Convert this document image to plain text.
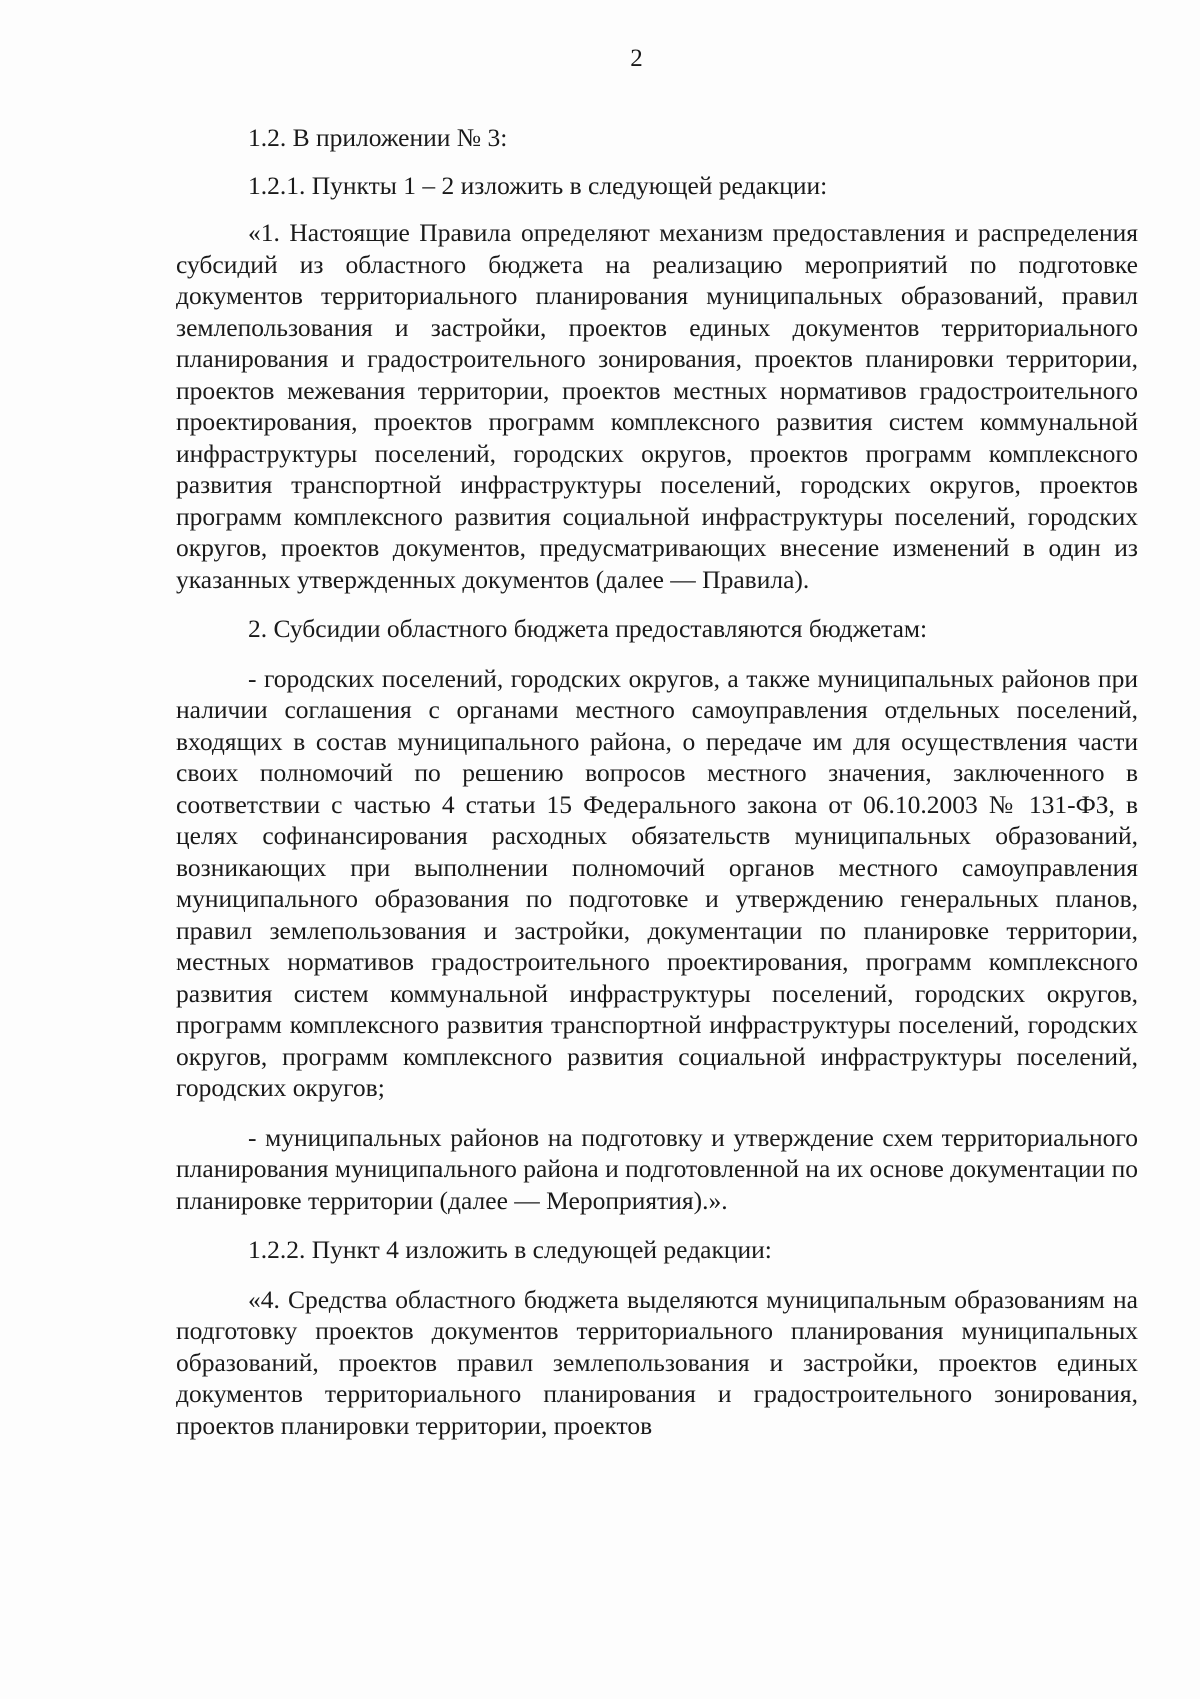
2

1.2. В приложении № 3:

1.2.1. Пункты 1 – 2 изложить в следующей редакции:

«1. Настоящие Правила определяют механизм предоставления и распределения субсидий из областного бюджета на реализацию мероприятий по подготовке документов территориального планирования муниципальных образований, правил землепользования и застройки, проектов единых документов территориального планирования и градостроительного зонирования, проектов планировки территории, проектов межевания территории, проектов местных нормативов градостроительного проектирования, проектов программ комплексного развития систем коммунальной инфраструктуры поселений, городских округов, проектов программ комплексного развития транспортной инфраструктуры поселений, городских округов, проектов программ комплексного развития социальной инфраструктуры поселений, городских округов, проектов документов, предусматривающих внесение изменений в один из указанных утвержденных документов (далее — Правила).

2. Субсидии областного бюджета предоставляются бюджетам:

- городских поселений, городских округов, а также муниципальных районов при наличии соглашения с органами местного самоуправления отдельных поселений, входящих в состав муниципального района, о передаче им для осуществления части своих полномочий по решению вопросов местного значения, заключенного в соответствии с частью 4 статьи 15 Федерального закона от 06.10.2003 № 131-ФЗ, в целях софинансирования расходных обязательств муниципальных образований, возникающих при выполнении полномочий органов местного самоуправления муниципального образования по подготовке и утверждению генеральных планов, правил землепользования и застройки, документации по планировке территории, местных нормативов градостроительного проектирования, программ комплексного развития систем коммунальной инфраструктуры поселений, городских округов, программ комплексного развития транспортной инфраструктуры поселений, городских округов, программ комплексного развития социальной инфраструктуры поселений, городских округов;

- муниципальных районов на подготовку и утверждение схем территориального планирования муниципального района и подготовленной на их основе документации по планировке территории (далее — Мероприятия).».

1.2.2. Пункт 4 изложить в следующей редакции:

«4. Средства областного бюджета выделяются муниципальным образованиям на подготовку проектов документов территориального планирования муниципальных образований, проектов правил землепользования и застройки, проектов единых документов территориального планирования и градостроительного зонирования, проектов планировки территории, проектов
